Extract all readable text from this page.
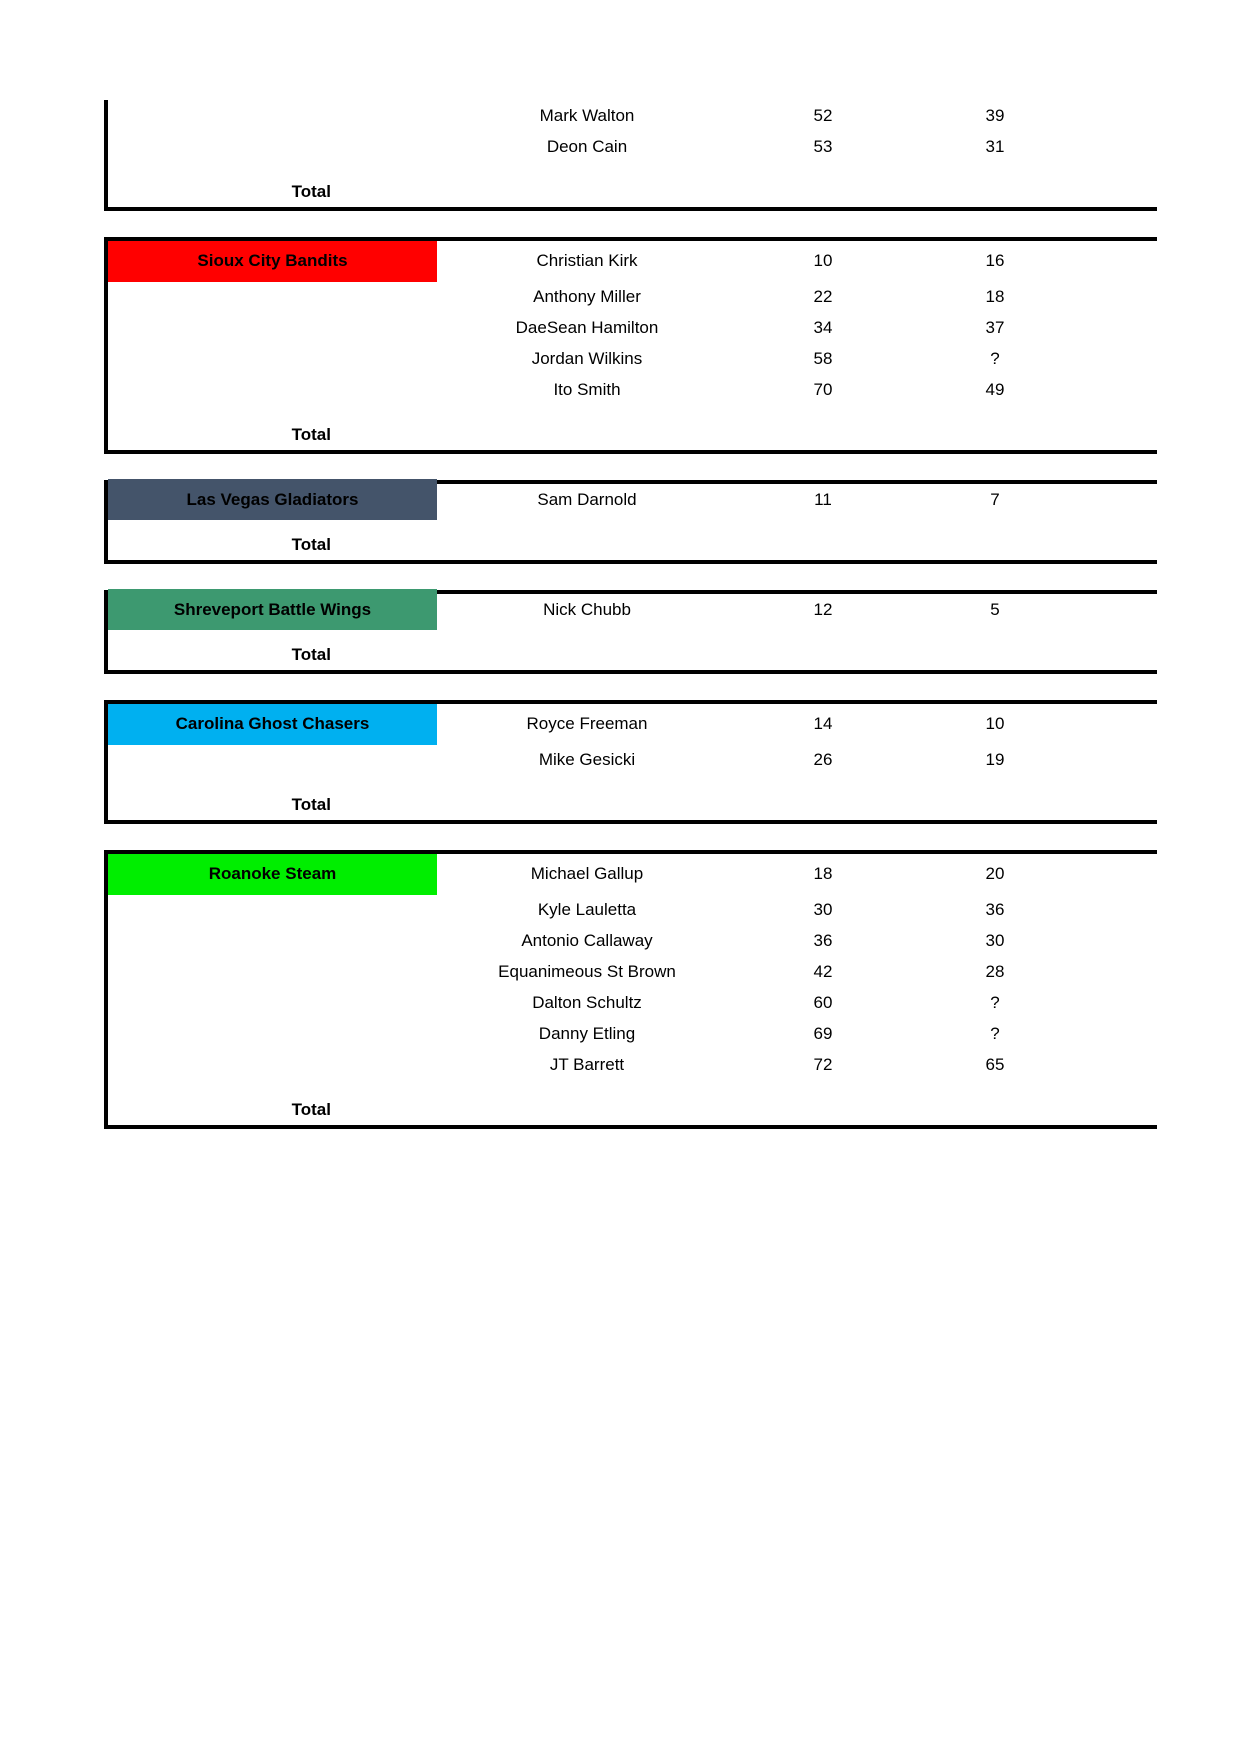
Mark Walton	52	39
Deon Cain	53	31
Total
Sioux City Bandits	Christian Kirk	10	16
Anthony Miller	22	18
DaeSean Hamilton	34	37
Jordan Wilkins	58	?
Ito Smith	70	49
Total
Las Vegas Gladiators	Sam Darnold	11	7
Total
Shreveport Battle Wings	Nick Chubb	12	5
Total
Carolina Ghost Chasers	Royce Freeman	14	10
Mike Gesicki	26	19
Total
Roanoke Steam	Michael Gallup	18	20
Kyle Lauletta	30	36
Antonio Callaway	36	30
Equanimeous St Brown	42	28
Dalton Schultz	60	?
Danny Etling	69	?
JT Barrett	72	65
Total
